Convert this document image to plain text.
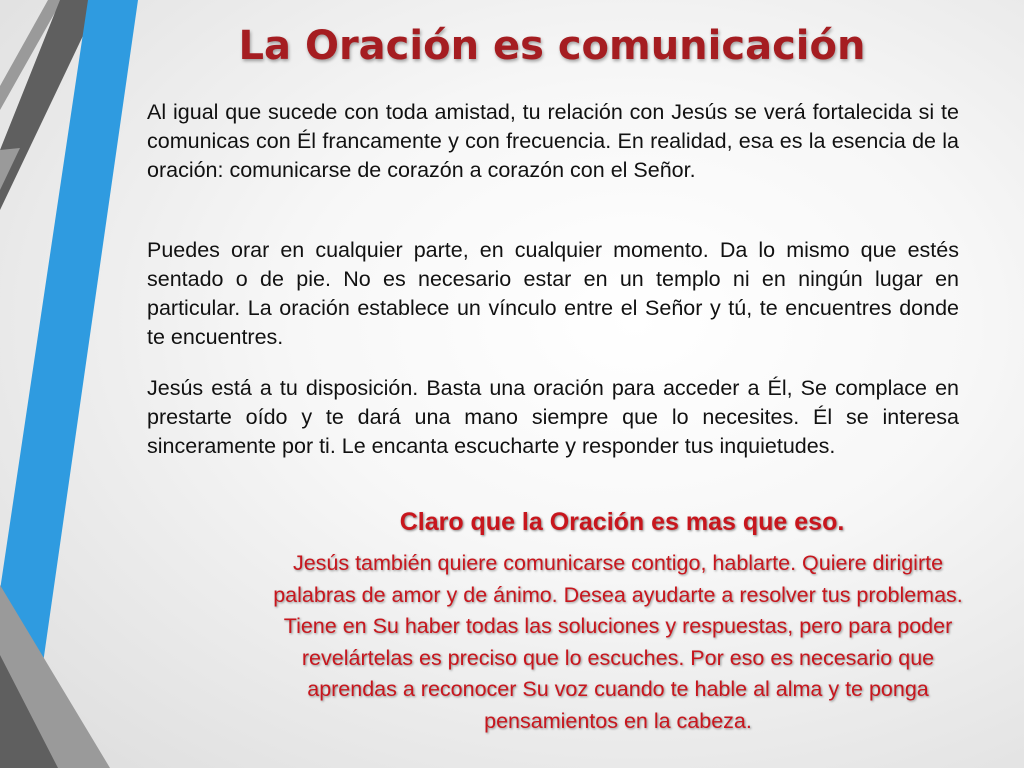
La Oración es comunicación

Al igual que sucede con toda amistad, tu relación con Jesús se verá fortalecida si te comunicas con Él francamente y con frecuencia. En realidad, esa es la esencia de la oración: comunicarse de corazón a corazón con el Señor.

Puedes orar en cualquier parte, en cualquier momento. Da lo mismo que estés sentado o de pie. No es necesario estar en un templo ni en ningún lugar en particular. La oración establece un vínculo entre el Señor y tú, te encuentres donde te encuentres.

Jesús está a tu disposición. Basta una oración para acceder a Él, Se complace en prestarte oído y te dará una mano siempre que lo necesites. Él se interesa sinceramente por ti. Le encanta escucharte y responder tus inquietudes.

Claro que la Oración es mas que eso.

Jesús también quiere comunicarse contigo, hablarte. Quiere dirigirte palabras de amor y de ánimo. Desea ayudarte a resolver tus problemas. Tiene en Su haber todas las soluciones y respuestas, pero para poder revelártelas es preciso que lo escuches. Por eso es necesario que aprendas a reconocer Su voz cuando te hable al alma y te ponga pensamientos en la cabeza.
